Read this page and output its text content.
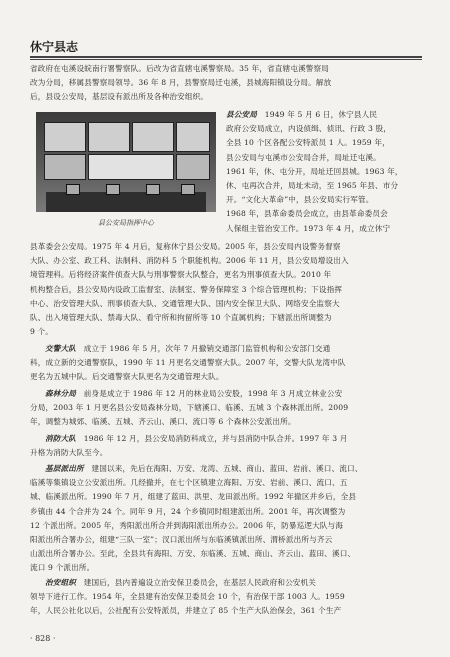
休宁县志

省政府在屯溪设皖南行署警察队。后改为省直辖屯溪警察局。35 年，省直辖屯溪警察局

改为分局，移属县警察局领导。36 年 8 月，县警察局迁屯溪，县城海阳镇设分局。解放

后，县设公安局，基层设有派出所及各种治安组织。

县公安局指挥中心

县公安局　 1949 年 5 月 6 日，休宁县人民

政府公安局成立，内设侦缉、侦讯、行政 3 股，

全县 10 个区各配公安特派员 1 人。1959 年，

县公安局与屯溪市公安局合并，局址迁屯溪。

1961 年，休、屯分开，局址迁回县城。1963 年，

休、屯再次合并，局址未动，至 1965 年县、市分

开。“文化大革命”中，县公安局实行军管。

1968 年，县革命委员会成立，由县革命委员会

人保组主管治安工作。1973 年 4 月，成立休宁

县革委会公安局。1975 年 4 月后，复称休宁县公安局。2005 年，县公安局内设警务督察

大队、办公室、政工科、法制科、消防科 5 个职能机构。2006 年 11 月，县公安局增设出入

境管理科。后将经济案件侦查大队与刑事警察大队整合，更名为刑事侦查大队。2010 年

机构整合后，县公安局内设政工监督室、法制室、警务保障室 3 个综合管理机构；下设指挥

中心、治安管理大队、刑事侦查大队、交通管理大队、国内安全保卫大队、网络安全监察大

队、出入境管理大队、禁毒大队、看守所和拘留所等 10 个直属机构；下辖派出所调整为

9 个。

交警大队　 成立于 1986 年 5 月，次年 7 月撤销交通部门监管机构和公安部门交通

科，成立新的交通警察队，1990 年 11 月更名交通警察大队。2007 年，交警大队龙湾中队

更名为五城中队。后交通警察大队更名为交通管理大队。

森林分局　 前身是成立于 1986 年 12 月的林业局公安股，1998 年 3 月成立林业公安

分局，2003 年 1 月更名县公安局森林分局，下辖溪口、临溪、五城 3 个森林派出所。2009

年，调整为城郊、临溪、五城、齐云山、溪口、流口等 6 个森林公安派出所。

消防大队　 1986 年 12 月，县公安局消防科成立，并与县消防中队合并。1997 年 3 月

升格为消防大队至今。

基层派出所　 建国以来，先后在海阳、万安、龙湾、五城、商山、蓝田、岩前、溪口、流口、

临溪等集镇设立公安派出所。几经撤并，在七个区镇建立海阳、万安、岩前、溪口、流口、五

城、临溪派出所。1990 年 7 月，组建了蓝田、洪里、龙田派出所。1992 年撤区并乡后，全县

乡镇由 44 个合并为 24 个。同年 9 月，24 个乡镇同时组建派出所。2001 年，再次调整为

12 个派出所。2005 年，秀阳派出所合并到海阳派出所办公。2006 年，防暴巡逻大队与海

阳派出所合署办公，组建“三队一室”；汊口派出所与东临溪镇派出所、渭桥派出所与齐云

山派出所合署办公。至此，全县共有海阳、万安、东临溪、五城、商山、齐云山、蓝田、溪口、

流口 9 个派出所。

治安组织　 建国后，县内普遍设立治安保卫委员会，在基层人民政府和公安机关

领导下进行工作。1954 年，全县建有治安保卫委员会 10 个，有治保干部 1003 人。1959

年，人民公社化以后，公社配有公安特派员，并建立了 85 个生产大队治保会，361 个生产

· 828 ·
